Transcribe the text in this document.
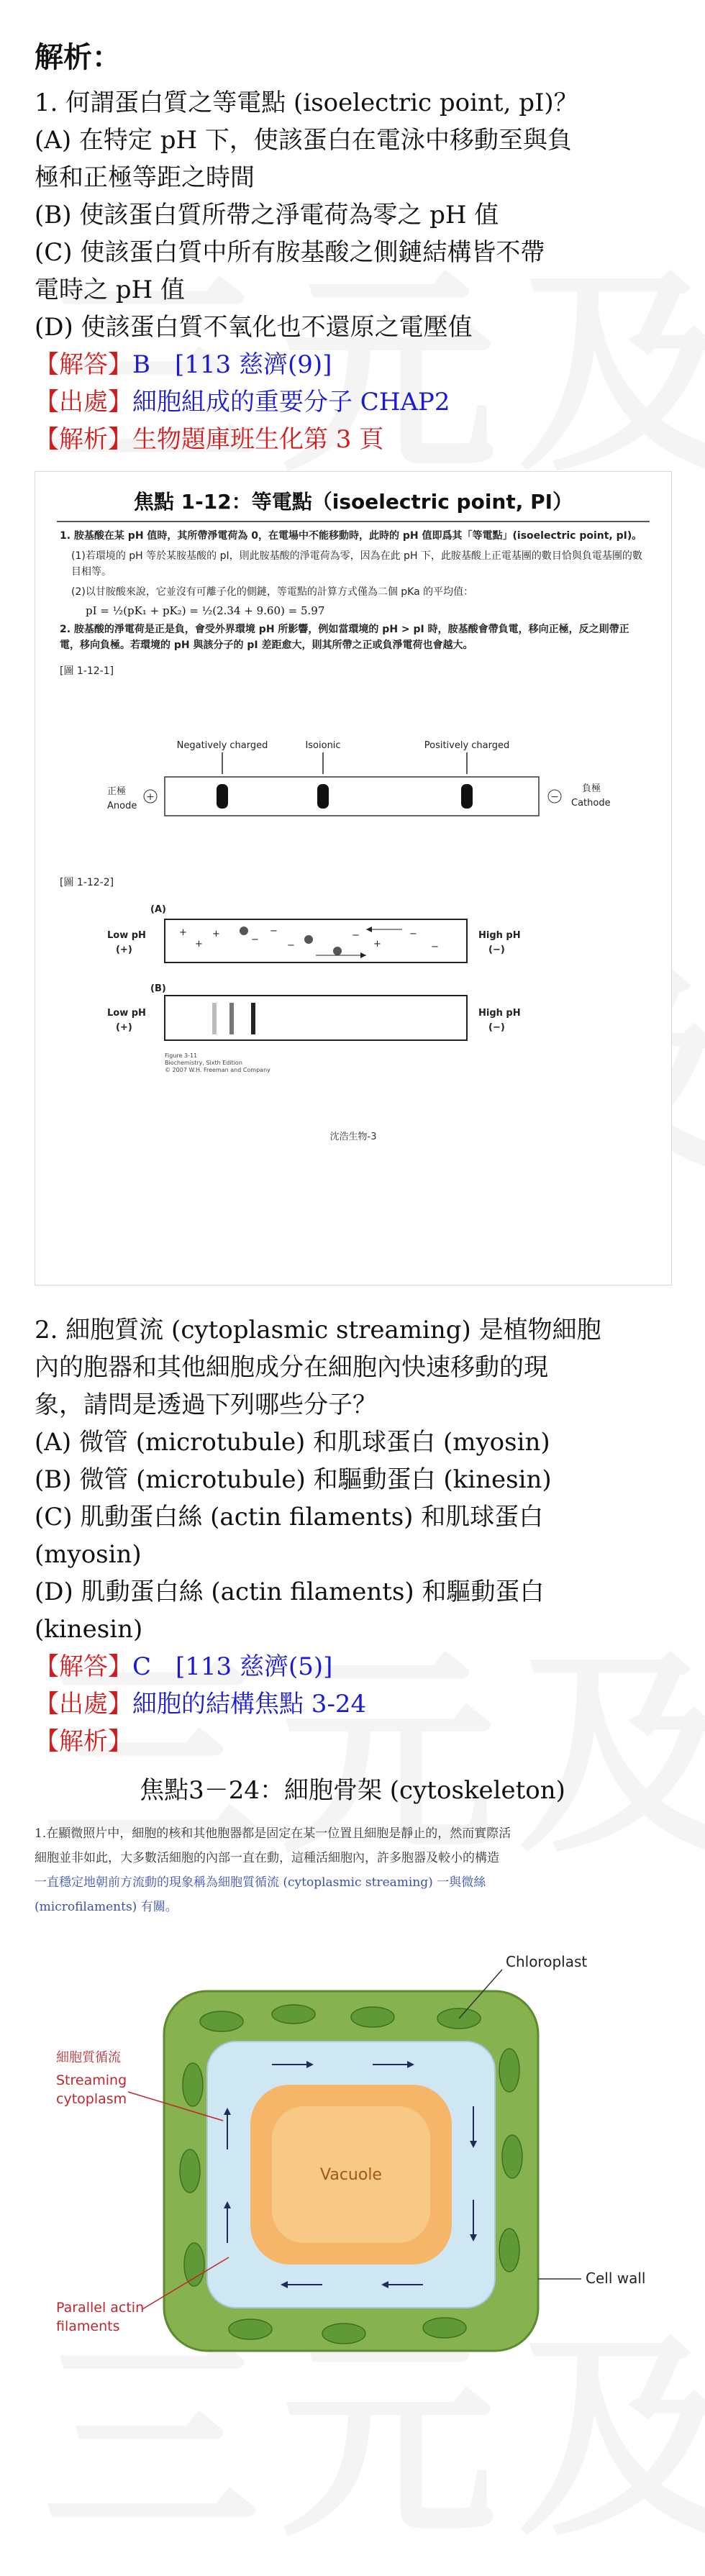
解析：
1. 何謂蛋白質之等電點 (isoelectric point, pI)？
(A) 在特定 pH 下，使該蛋白在電泳中移動至與負
極和正極等距之時間
(B) 使該蛋白質所帶之淨電荷為零之 pH 值
(C) 使該蛋白質中所有胺基酸之側鏈結構皆不帶
電時之 pH 值
(D) 使該蛋白質不氧化也不還原之電壓值
【解答】B　[113 慈濟(9)]
【出處】細胞組成的重要分子 CHAP2
【解析】生物題庫班生化第 3 頁
焦點 1-12：等電點（isoelectric point, PI）
1. 胺基酸在某 pH 值時，其所帶淨電荷為 0，在電場中不能移動時，此時的 pH 值即爲其「等電點」(isoelectric point, pI)。
(1)若環境的 pH 等於某胺基酸的 pI，則此胺基酸的淨電荷為零，因為在此 pH 下，此胺基酸上正電基團的數目恰與負電基團的數目相等。
(2)以甘胺酸來說，它並沒有可離子化的側鏈，等電點的計算方式僅為二個 pKa 的平均值：
pI = ½(pK₁ + pK₂) = ½(2.34 + 9.60) = 5.97
2. 胺基酸的淨電荷是正是負，會受外界環境 pH 所影響，例如當環境的 pH > pI 時，胺基酸會帶負電，移向正極，反之則帶正電，移向負極。若環境的 pH 與該分子的 pI 差距愈大，則其所帶之正或負淨電荷也會越大。
[圖 1-12-1]
Negatively charged	Isoionic	Positively charged
正極
Anode
+	−
負極
Cathode
[圖 1-12-2]
(A)
Low pH
(+)
+
+
+
−
−
−
−
+
−
−
High pH
(−)
(B)
Low pH
(+)
High pH
(−)
Figure 3-11 Biochemistry, Sixth Edition © 2007 W.H. Freeman and Company
沈浩生物-3
2. 細胞質流 (cytoplasmic streaming) 是植物細胞
內的胞器和其他細胞成分在細胞內快速移動的現
象，請問是透過下列哪些分子？
(A) 微管 (microtubule) 和肌球蛋白 (myosin)
(B) 微管 (microtubule) 和驅動蛋白 (kinesin)
(C) 肌動蛋白絲 (actin filaments) 和肌球蛋白
(myosin)
(D) 肌動蛋白絲 (actin filaments) 和驅動蛋白
(kinesin)
【解答】C　[113 慈濟(5)]
【出處】細胞的結構焦點 3-24
【解析】
焦點3－24：細胞骨架 (cytoskeleton)
1.在顯微照片中，細胞的核和其他胞器都是固定在某一位置且細胞是靜止的，然而實際活
細胞並非如此，大多數活細胞的內部一直在動，這種活細胞內，許多胞器及較小的構造
一直穩定地朝前方流動的現象稱為細胞質循流 (cytoplasmic streaming) 一與微絲
(microfilaments) 有關。
Vacuole
Chloroplast
Cell wall
細胞質循流
Streaming
cytoplasm
Parallel actin
filaments
